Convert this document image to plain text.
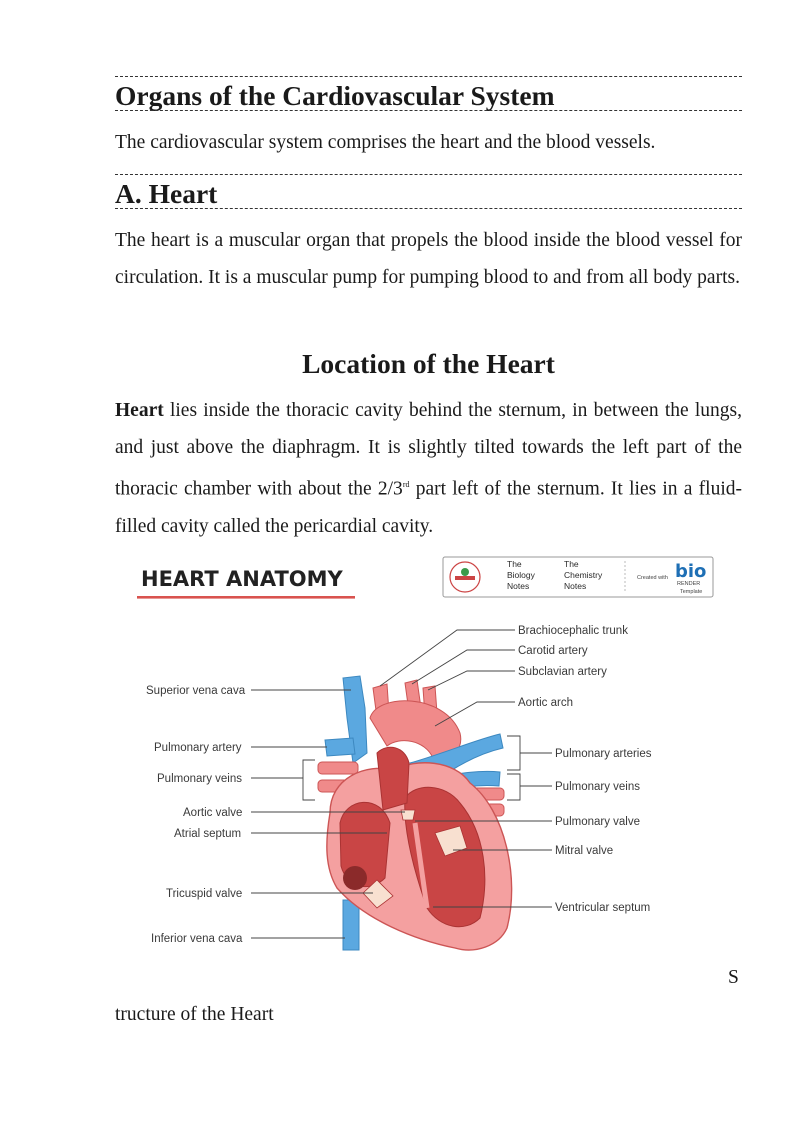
Organs of the Cardiovascular System

The cardiovascular system comprises the heart and the blood vessels.

A. Heart

The heart is a muscular organ that propels the blood inside the blood vessel for circulation. It is a muscular pump for pumping blood to and from all body parts.

Location of the Heart

Heart lies inside the thoracic cavity behind the sternum, in between the lungs, and just above the diaphragm. It is slightly tilted towards the left part of the thoracic chamber with about the 2/3rd part left of the sternum. It lies in a fluid-filled cavity called the pericardial cavity.

HEART ANATOMY
The
Biology
Notes
The
Chemistry
Notes
Created with bio
RENDER
Template
Superior vena cava
Pulmonary artery
Pulmonary veins
Aortic valve
Atrial septum
Tricuspid valve
Inferior vena cava
Brachiocephalic trunk
Carotid artery
Subclavian artery
Aortic arch
Pulmonary arteries
Pulmonary veins
Pulmonary valve
Mitral valve
Ventricular septum
S
tructure of the Heart
